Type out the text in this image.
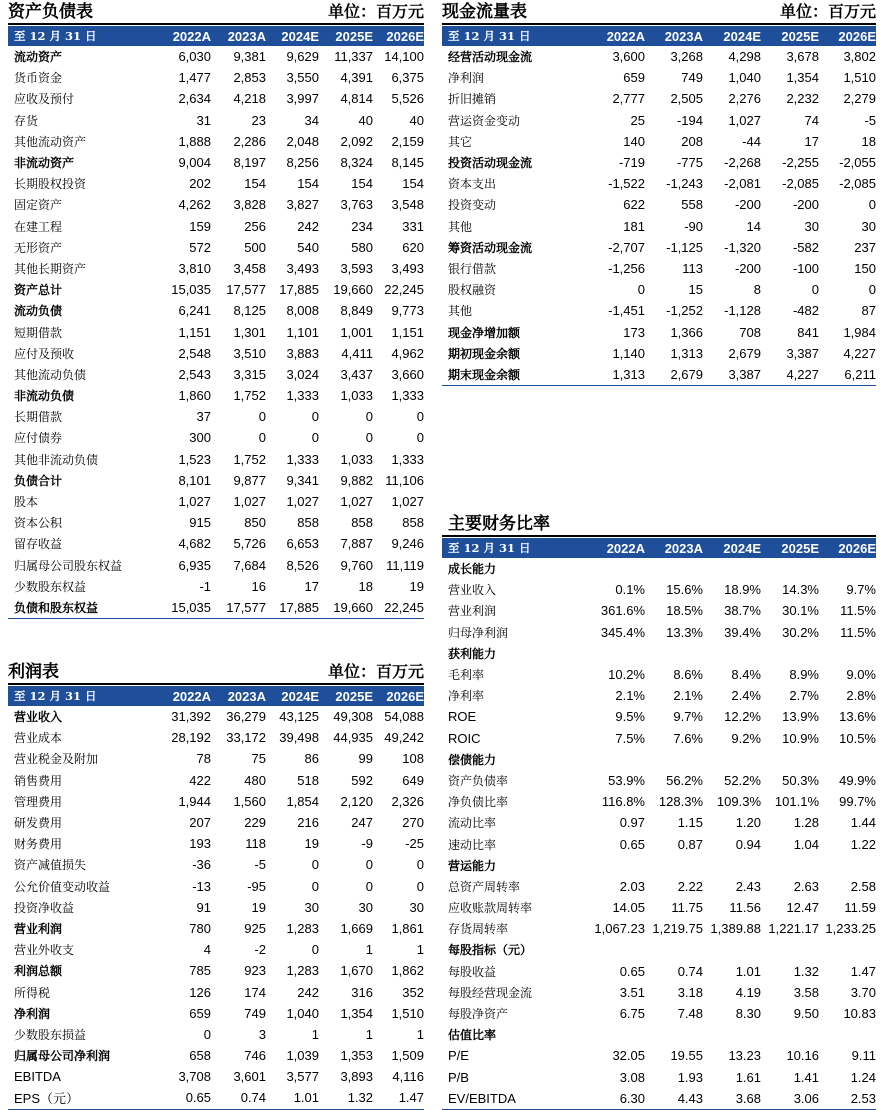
资产负债表	单位：百万元
至 12 月 31 日	2022A	2023A	2024E	2025E	2026E
流动资产	6,030	9,381	9,629	11,337	14,100
货币资金	1,477	2,853	3,550	4,391	6,375
应收及预付	2,634	4,218	3,997	4,814	5,526
存货	31	23	34	40	40
其他流动资产	1,888	2,286	2,048	2,092	2,159
非流动资产	9,004	8,197	8,256	8,324	8,145
长期股权投资	202	154	154	154	154
固定资产	4,262	3,828	3,827	3,763	3,548
在建工程	159	256	242	234	331
无形资产	572	500	540	580	620
其他长期资产	3,810	3,458	3,493	3,593	3,493
资产总计	15,035	17,577	17,885	19,660	22,245
流动负债	6,241	8,125	8,008	8,849	9,773
短期借款	1,151	1,301	1,101	1,001	1,151
应付及预收	2,548	3,510	3,883	4,411	4,962
其他流动负债	2,543	3,315	3,024	3,437	3,660
非流动负债	1,860	1,752	1,333	1,033	1,333
长期借款	37	0	0	0	0
应付债券	300	0	0	0	0
其他非流动负债	1,523	1,752	1,333	1,033	1,333
负债合计	8,101	9,877	9,341	9,882	11,106
股本	1,027	1,027	1,027	1,027	1,027
资本公积	915	850	858	858	858
留存收益	4,682	5,726	6,653	7,887	9,246
归属母公司股东权益	6,935	7,684	8,526	9,760	11,119
少数股东权益	-1	16	17	18	19
负债和股东权益	15,035	17,577	17,885	19,660	22,245
现金流量表	单位：百万元
至 12 月 31 日	2022A	2023A	2024E	2025E	2026E
经营活动现金流	3,600	3,268	4,298	3,678	3,802
净利润	659	749	1,040	1,354	1,510
折旧摊销	2,777	2,505	2,276	2,232	2,279
营运资金变动	25	-194	1,027	74	-5
其它	140	208	-44	17	18
投资活动现金流	-719	-775	-2,268	-2,255	-2,055
资本支出	-1,522	-1,243	-2,081	-2,085	-2,085
投资变动	622	558	-200	-200	0
其他	181	-90	14	30	30
筹资活动现金流	-2,707	-1,125	-1,320	-582	237
银行借款	-1,256	113	-200	-100	150
股权融资	0	15	8	0	0
其他	-1,451	-1,252	-1,128	-482	87
现金净增加额	173	1,366	708	841	1,984
期初现金余额	1,140	1,313	2,679	3,387	4,227
期末现金余额	1,313	2,679	3,387	4,227	6,211
利润表	单位：百万元
至 12 月 31 日	2022A	2023A	2024E	2025E	2026E
营业收入	31,392	36,279	43,125	49,308	54,088
营业成本	28,192	33,172	39,498	44,935	49,242
营业税金及附加	78	75	86	99	108
销售费用	422	480	518	592	649
管理费用	1,944	1,560	1,854	2,120	2,326
研发费用	207	229	216	247	270
财务费用	193	118	19	-9	-25
资产减值损失	-36	-5	0	0	0
公允价值变动收益	-13	-95	0	0	0
投资净收益	91	19	30	30	30
营业利润	780	925	1,283	1,669	1,861
营业外收支	4	-2	0	1	1
利润总额	785	923	1,283	1,670	1,862
所得税	126	174	242	316	352
净利润	659	749	1,040	1,354	1,510
少数股东损益	0	3	1	1	1
归属母公司净利润	658	746	1,039	1,353	1,509
EBITDA	3,708	3,601	3,577	3,893	4,116
EPS（元）	0.65	0.74	1.01	1.32	1.47
主要财务比率
至 12 月 31 日	2022A	2023A	2024E	2025E	2026E
成长能力					
营业收入	0.1%	15.6%	18.9%	14.3%	9.7%
营业利润	361.6%	18.5%	38.7%	30.1%	11.5%
归母净利润	345.4%	13.3%	39.4%	30.2%	11.5%
获利能力					
毛利率	10.2%	8.6%	8.4%	8.9%	9.0%
净利率	2.1%	2.1%	2.4%	2.7%	2.8%
ROE	9.5%	9.7%	12.2%	13.9%	13.6%
ROIC	7.5%	7.6%	9.2%	10.9%	10.5%
偿债能力					
资产负债率	53.9%	56.2%	52.2%	50.3%	49.9%
净负债比率	116.8%	128.3%	109.3%	101.1%	99.7%
流动比率	0.97	1.15	1.20	1.28	1.44
速动比率	0.65	0.87	0.94	1.04	1.22
营运能力					
总资产周转率	2.03	2.22	2.43	2.63	2.58
应收账款周转率	14.05	11.75	11.56	12.47	11.59
存货周转率	1,067.23	1,219.75	1,389.88	1,221.17	1,233.25
每股指标（元）					
每股收益	0.65	0.74	1.01	1.32	1.47
每股经营现金流	3.51	3.18	4.19	3.58	3.70
每股净资产	6.75	7.48	8.30	9.50	10.83
估值比率					
P/E	32.05	19.55	13.23	10.16	9.11
P/B	3.08	1.93	1.61	1.41	1.24
EV/EBITDA	6.30	4.43	3.68	3.06	2.53
